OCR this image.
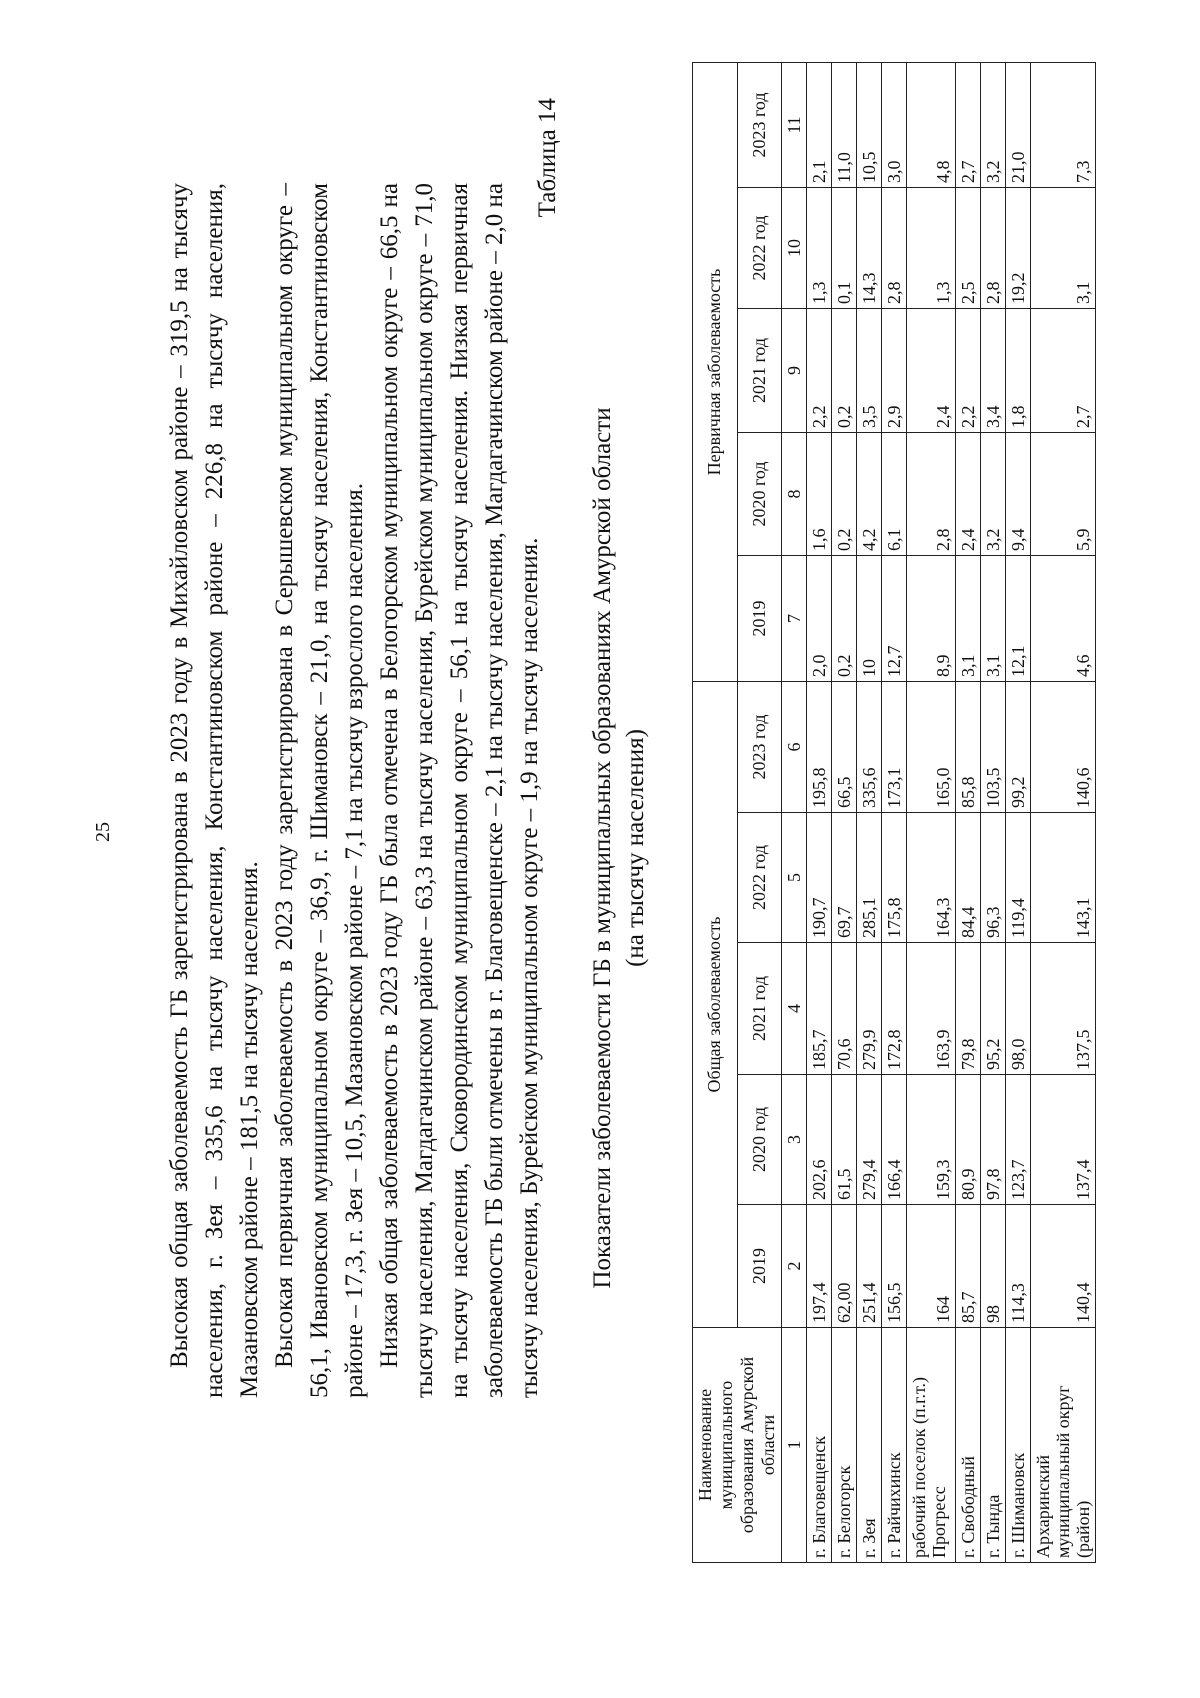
25 Высокая общая заболеваемость ГБ зарегистрирована в 2023 году в Михайловском районе – 319,5 на тысячу населения, г. Зея – 335,6 на тысячу населения, Константиновском районе – 226,8 на тысячу населения, Мазановском районе – 181,5 на тысячу населения. Высокая первичная заболеваемость в 2023 году зарегистрирована в Серышевском муниципальном округе – 56,1, Ивановском муниципальном округе – 36,9, г. Шимановск – 21,0, на тысячу населения, Константиновском районе – 17,3, г. Зея – 10,5, Мазановском районе – 7,1 на тысячу взрослого населения. Низкая общая заболеваемость в 2023 году ГБ была отмечена в Белогорском муниципальном округе – 66,5 на тысячу населения, Магдагачинском районе – 63,3 на тысячу населения, Бурейском муниципальном округе – 71,0 на тысячу населения, Сковородинском муниципальном округе – 56,1 на тысячу населения. Низкая первичная заболеваемость ГБ были отмечены в г. Благовещенске – 2,1 на тысячу населения, Магдагачинском районе – 2,0 на тысячу населения, Бурейском муниципальном округе – 1,9 на тысячу населения.

Таблица 14
Показатели заболеваемости ГБ в муниципальных образованиях Амурской области (на тысячу населения)
Наименование муниципального образования Амурской области	Общая заболеваемость					Первичная заболеваемость				
	2019	2020 год	2021 год	2022 год	2023 год	2019	2020 год	2021 год	2022 год	2023 год
1	2	3	4	5	6	7	8	9	10	11
г. Благовещенск	197,4	202,6	185,7	190,7	195,8	2,0	1,6	2,2	1,3	2,1
г. Белогорск	62,00	61,5	70,6	69,7	66,5	0,2	0,2	0,2	0,1	11,0
г. Зея	251,4	279,4	279,9	285,1	335,6	10	4,2	3,5	14,3	10,5
г. Райчихинск	156,5	166,4	172,8	175,8	173,1	12,7	6,1	2,9	2,8	3,0
рабочий поселок (п.г.т.) Прогресс	164	159,3	163,9	164,3	165,0	8,9	2,8	2,4	1,3	4,8
г. Свободный	85,7	80,9	79,8	84,4	85,8	3,1	2,4	2,2	2,5	2,7
г. Тында	98	97,8	95,2	96,3	103,5	3,1	3,2	3,4	2,8	3,2
г. Шимановск	114,3	123,7	98,0	119,4	99,2	12,1	9,4	1,8	19,2	21,0
Архаринский муниципальный округ (район)	140,4	137,4	137,5	143,1	140,6	4,6	5,9	2,7	3,1	7,3
